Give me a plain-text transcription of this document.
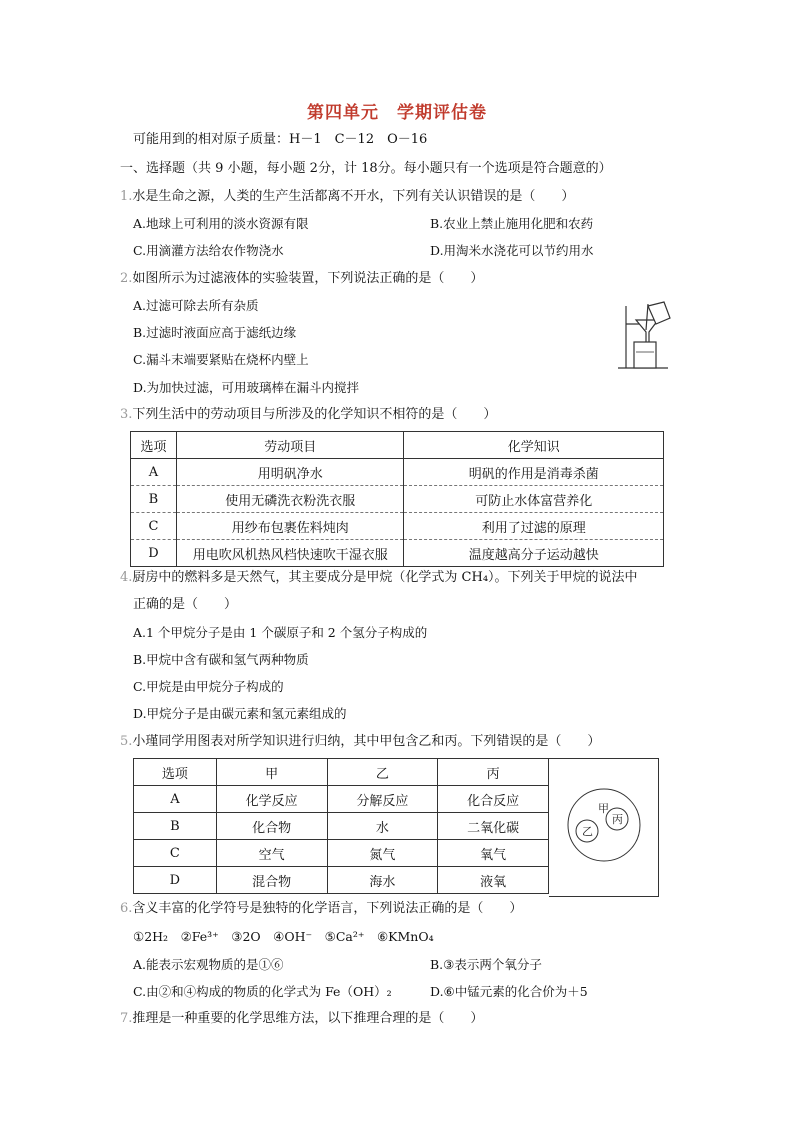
第四单元　学期评估卷
可能用到的相对原子质量：H－1　C－12　O－16
一、选择题（共 9 小题，每小题 2分，计 18分。每小题只有一个选项是符合题意的）
1.水是生命之源，人类的生产生活都离不开水，下列有关认识错误的是（　　）
A.地球上可利用的淡水资源有限	B.农业上禁止施用化肥和农药
C.用滴灌方法给农作物浇水	D.用淘米水浇花可以节约用水
2.如图所示为过滤液体的实验装置，下列说法正确的是（　　）
A.过滤可除去所有杂质
B.过滤时液面应高于滤纸边缘
C.漏斗末端要紧贴在烧杯内壁上
D.为加快过滤，可用玻璃棒在漏斗内搅拌
3.下列生活中的劳动项目与所涉及的化学知识不相符的是（　　）
选项	劳动项目	化学知识
A	用明矾净水	明矾的作用是消毒杀菌
B	使用无磷洗衣粉洗衣服	可防止水体富营养化
C	用纱布包裹佐料炖肉	利用了过滤的原理
D	用电吹风机热风档快速吹干湿衣服	温度越高分子运动越快
4.厨房中的燃料多是天然气，其主要成分是甲烷（化学式为 CH₄）。下列关于甲烷的说法中
正确的是（　　）
A.1 个甲烷分子是由 1 个碳原子和 2 个氢分子构成的
B.甲烷中含有碳和氢气两种物质
C.甲烷是由甲烷分子构成的
D.甲烷分子是由碳元素和氢元素组成的
5.小瑾同学用图表对所学知识进行归纳，其中甲包含乙和丙。下列错误的是（　　）
选项	甲	乙	丙
A	化学反应	分解反应	化合反应
B	化合物	水	二氧化碳
C	空气	氮气	氧气
D	混合物	海水	液氧
甲
乙
丙
6.含义丰富的化学符号是独特的化学语言，下列说法正确的是（　　）
①2H₂　②Fe³⁺　③2O　④OH⁻　⑤Ca²⁺　⑥KMnO₄
A.能表示宏观物质的是①⑥	B.③表示两个氧分子
C.由②和④构成的物质的化学式为 Fe（OH）₂	D.⑥中锰元素的化合价为＋5
7.推理是一种重要的化学思维方法，以下推理合理的是（　　）
